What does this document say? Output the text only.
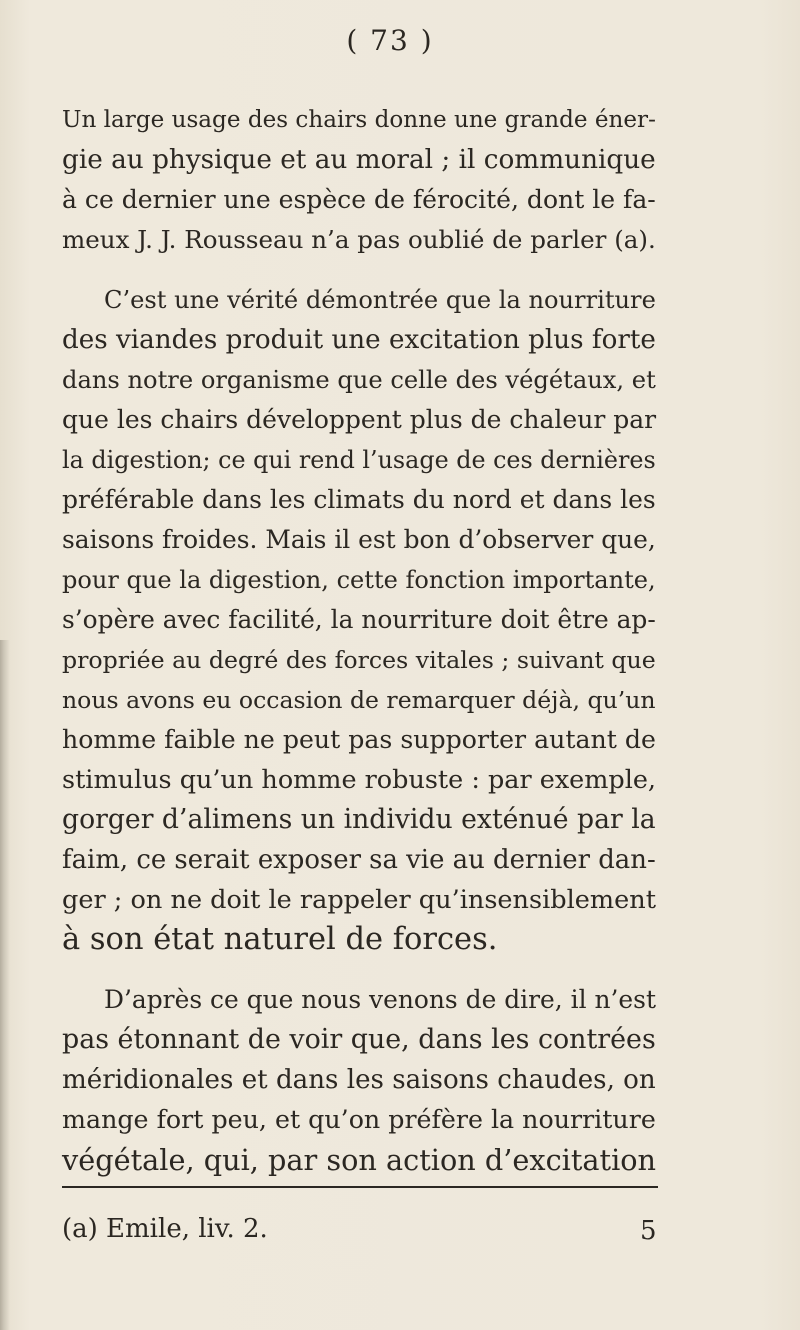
( 73 )
Un large usage des chairs donne une grande éner-
gie au physique et au moral ; il communique
à ce dernier une espèce de férocité, dont le fa-
meux J. J. Rousseau n’a pas oublié de parler (a).
C’est une vérité démontrée que la nourriture
des viandes produit une excitation plus forte
dans notre organisme que celle des végétaux, et
que les chairs développent plus de chaleur par
la digestion; ce qui rend l’usage de ces dernières
préférable dans les climats du nord et dans les
saisons froides. Mais il est bon d’observer que,
pour que la digestion, cette fonction importante,
s’opère avec facilité, la nourriture doit être ap-
propriée au degré des forces vitales ; suivant que
nous avons eu occasion de remarquer déjà, qu’un
homme faible ne peut pas supporter autant de
stimulus qu’un homme robuste : par exemple,
gorger d’alimens un individu exténué par la
faim, ce serait exposer sa vie au dernier dan-
ger ; on ne doit le rappeler qu’insensiblement
à son état naturel de forces.
D’après ce que nous venons de dire, il n’est
pas étonnant de voir que, dans les contrées
méridionales et dans les saisons chaudes, on
mange fort peu, et qu’on préfère la nourriture
végétale, qui, par son action d’excitation
(a) Emile, liv. 2.	5
